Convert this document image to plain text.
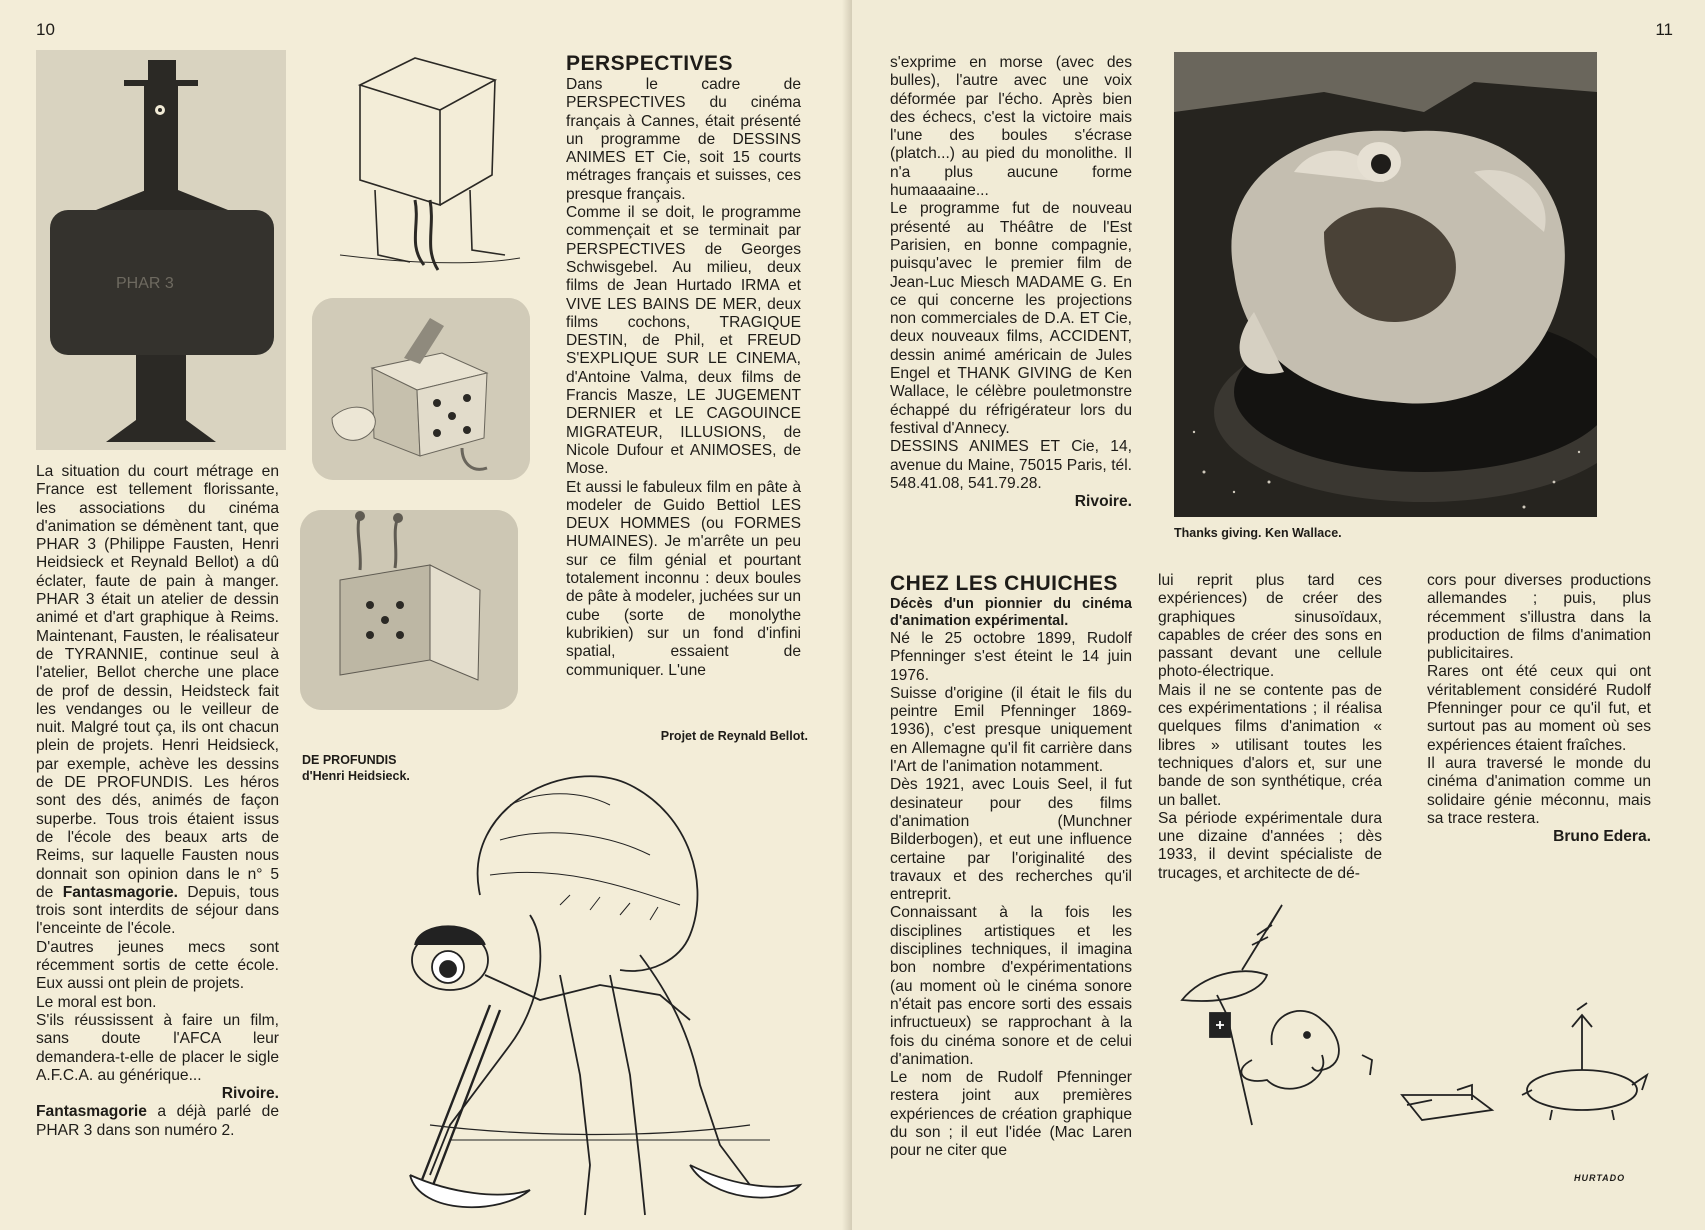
10
PHAR 3

La situation du court métrage en France est tellement florissante, les associations du cinéma d'animation se démènent tant, que PHAR 3 (Philippe Fausten, Henri Heidsieck et Reynald Bellot) a dû éclater, faute de pain à manger. PHAR 3 était un atelier de dessin animé et d'art graphique à Reims. Maintenant, Fausten, le réalisateur de TYRANNIE, continue seul à l'atelier, Bellot cherche une place de prof de dessin, Heidsteck fait les vendanges ou le veilleur de nuit. Malgré tout ça, ils ont chacun plein de projets. Henri Heidsieck, par exemple, achève les dessins de DE PROFUNDIS. Les héros sont des dés, animés de façon superbe. Tous trois étaient issus de l'école des beaux arts de Reims, sur laquelle Fausten nous donnait son opinion dans le n° 5 de Fantasmagorie. Depuis, tous trois sont interdits de séjour dans l'enceinte de l'école.

D'autres jeunes mecs sont récemment sortis de cette école. Eux aussi ont plein de projets.

Le moral est bon.

S'ils réussissent à faire un film, sans doute l'AFCA leur demandera-t-elle de placer le sigle A.F.C.A. au générique...

Rivoire.

Fantasmagorie a déjà parlé de PHAR 3 dans son numéro 2.

DE PROFUNDIS
d'Henri Heidsieck.
PERSPECTIVES

Dans le cadre de PERSPECTIVES du cinéma français à Cannes, était présenté un programme de DESSINS ANIMES ET Cie, soit 15 courts métrages français et suisses, ces presque français.

Comme il se doit, le programme commençait et se terminait par PERSPECTIVES de Georges Schwisgebel. Au milieu, deux films de Jean Hurtado IRMA et VIVE LES BAINS DE MER, deux films cochons, TRAGIQUE DESTIN, de Phil, et FREUD S'EXPLIQUE SUR LE CINEMA, d'Antoine Valma, deux films de Francis Masze, LE JUGEMENT DERNIER et LE CAGOUINCE MIGRATEUR, ILLUSIONS, de Nicole Dufour et ANIMOSES, de Mose.

Et aussi le fabuleux film en pâte à modeler de Guido Bettiol LES DEUX HOMMES (ou FORMES HUMAINES). Je m'arrête un peu sur ce film génial et pourtant totalement inconnu : deux boules de pâte à modeler, juchées sur un cube (sorte de monolythe kubrikien) sur un fond d'infini spatial, essaient de communiquer. L'une

Projet de Reynald Bellot.
11

s'exprime en morse (avec des bulles), l'autre avec une voix déformée par l'écho. Après bien des échecs, c'est la victoire mais l'une des boules s'écrase (platch...) au pied du monolithe. Il n'a plus aucune forme humaaaaine...

Le programme fut de nouveau présenté au Théâtre de l'Est Parisien, en bonne compagnie, puisqu'avec le premier film de Jean-Luc Miesch MADAME G. En ce qui concerne les projections non commerciales de D.A. ET Cie, deux nouveaux films, ACCIDENT, dessin animé américain de Jules Engel et THANK GIVING de Ken Wallace, le célèbre pouletmonstre échappé du réfrigérateur lors du festival d'Annecy.

DESSINS ANIMES ET Cie, 14, avenue du Maine, 75015 Paris, tél. 548.41.08, 541.79.28.

Rivoire.

Thanks giving. Ken Wallace.
CHEZ LES CHUICHES
Décès d'un pionnier du cinéma d'animation expérimental.

Né le 25 octobre 1899, Rudolf Pfenninger s'est éteint le 14 juin 1976.

Suisse d'origine (il était le fils du peintre Emil Pfenninger 1869-1936), c'est presque uniquement en Allemagne qu'il fit carrière dans l'Art de l'animation notamment.

Dès 1921, avec Louis Seel, il fut desinateur pour des films d'animation (Munchner Bilderbogen), et eut une influence certaine par l'originalité des travaux et des recherches qu'il entreprit.

Connaissant à la fois les disciplines artistiques et les disciplines techniques, il imagina bon nombre d'expérimentations (au moment où le cinéma sonore n'était pas encore sorti des essais infructueux) se rapprochant à la fois du cinéma sonore et de celui d'animation.

Le nom de Rudolf Pfenninger restera joint aux premières expériences de création graphique du son ; il eut l'idée (Mac Laren pour ne citer que

lui reprit plus tard ces expériences) de créer des graphiques sinusoïdaux, capables de créer des sons en passant devant une cellule photo-électrique.

Mais il ne se contente pas de ces expérimentations ; il réalisa quelques films d'animation « libres » utilisant toutes les techniques d'alors et, sur une bande de son synthétique, créa un ballet.

Sa période expérimentale dura une dizaine d'années ; dès 1933, il devint spécialiste de trucages, et architecte de dé-

cors pour diverses productions allemandes ; puis, plus récemment s'illustra dans la production de films d'animation publicitaires.

Rares ont été ceux qui ont véritablement considéré Rudolf Pfenninger pour ce qu'il fut, et surtout pas au moment où ses expériences étaient fraîches.

Il aura traversé le monde du cinéma d'animation comme un solidaire génie méconnu, mais sa trace restera.

Bruno Edera.

HURTADO
